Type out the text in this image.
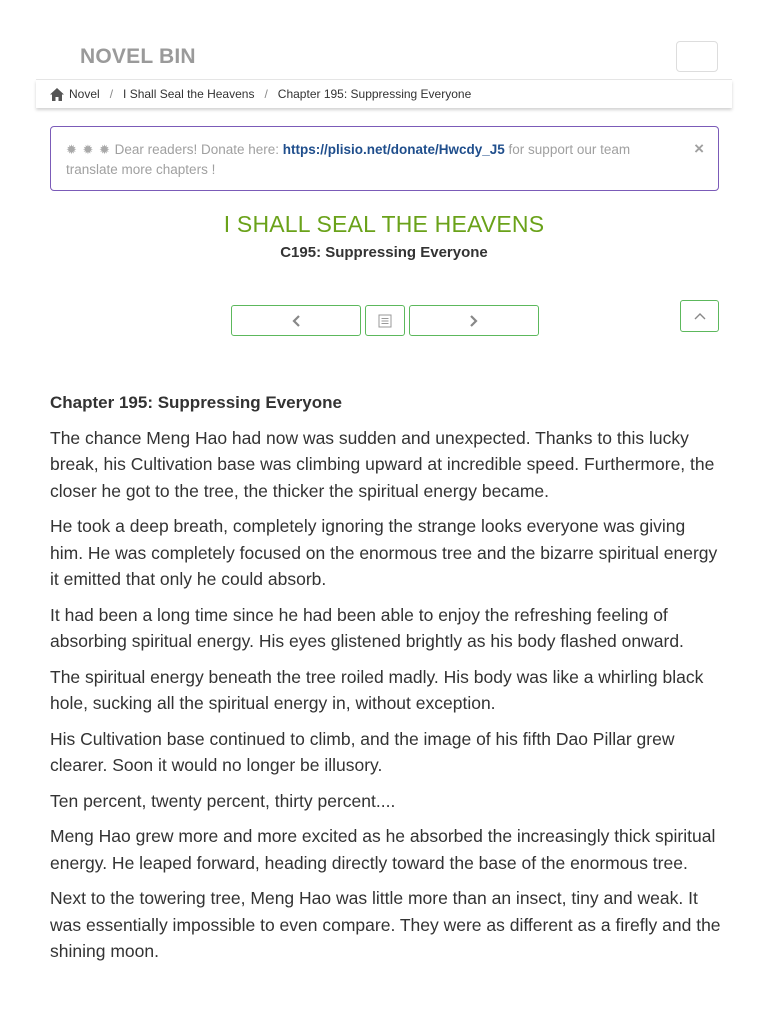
NOVEL BIN
Novel / I Shall Seal the Heavens / Chapter 195: Suppressing Everyone
✹ ✹ ✹ Dear readers! Donate here: https://plisio.net/donate/Hwcdy_J5 for support our team translate more chapters !
×
I SHALL SEAL THE HEAVENS
C195: Suppressing Everyone
Chapter 195: Suppressing Everyone

The chance Meng Hao had now was sudden and unexpected. Thanks to this lucky break, his Cultivation base was climbing upward at incredible speed. Furthermore, the closer he got to the tree, the thicker the spiritual energy became.

He took a deep breath, completely ignoring the strange looks everyone was giving him. He was completely focused on the enormous tree and the bizarre spiritual energy it emitted that only he could absorb.

It had been a long time since he had been able to enjoy the refreshing feeling of absorbing spiritual energy. His eyes glistened brightly as his body flashed onward.

The spiritual energy beneath the tree roiled madly. His body was like a whirling black hole, sucking all the spiritual energy in, without exception.

His Cultivation base continued to climb, and the image of his fifth Dao Pillar grew clearer. Soon it would no longer be illusory.

Ten percent, twenty percent, thirty percent....

Meng Hao grew more and more excited as he absorbed the increasingly thick spiritual energy. He leaped forward, heading directly toward the base of the enormous tree.

Next to the towering tree, Meng Hao was little more than an insect, tiny and weak. It was essentially impossible to even compare. They were as different as a firefly and the shining moon.
